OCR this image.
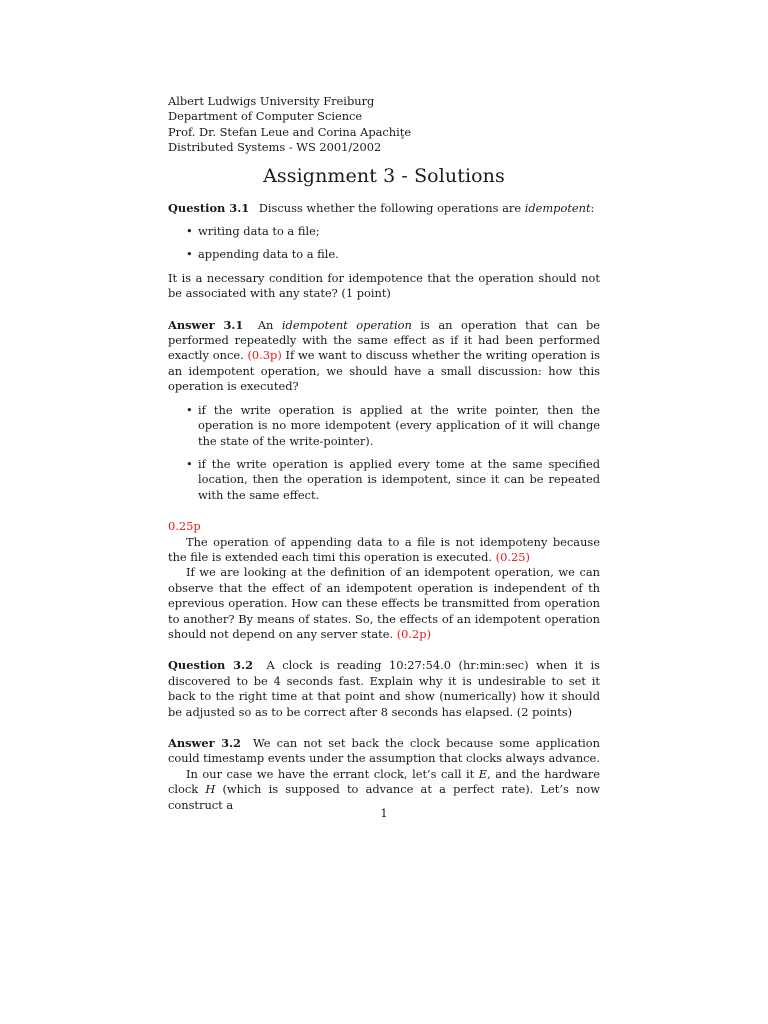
Albert Ludwigs University Freiburg
Department of Computer Science
Prof. Dr. Stefan Leue and Corina Apachiţe
Distributed Systems - WS 2001/2002
Assignment 3 - Solutions

Question 3.1 Discuss whether the following operations are idempotent:

• writing data to a file;
• appending data to a file.

It is a necessary condition for idempotence that the operation should not be associated with any state? (1 point)

Answer 3.1 An idempotent operation is an operation that can be performed repeatedly with the same effect as if it had been performed exactly once. (0.3p) If we want to discuss whether the writing operation is an idempotent operation, we should have a small discussion: how this operation is executed?

• if the write operation is applied at the write pointer, then the operation is no more idempotent (every application of it will change the state of the write-pointer).
• if the write operation is applied every tome at the same specified location, then the operation is idempotent, since it can be repeated with the same effect.

0.25p

The operation of appending data to a file is not idempoteny because the file is extended each timi this operation is executed. (0.25)

If we are looking at the definition of an idempotent operation, we can observe that the effect of an idempotent operation is independent of th eprevious operation. How can these effects be transmitted from operation to another? By means of states. So, the effects of an idempotent operation should not depend on any server state. (0.2p)

Question 3.2 A clock is reading 10:27:54.0 (hr:min:sec) when it is discovered to be 4 seconds fast. Explain why it is undesirable to set it back to the right time at that point and show (numerically) how it should be adjusted so as to be correct after 8 seconds has elapsed. (2 points)

Answer 3.2 We can not set back the clock because some application could timestamp events under the assumption that clocks always advance.

In our case we have the errant clock, let’s call it E, and the hardware clock H (which is supposed to advance at a perfect rate). Let’s now construct a

1
